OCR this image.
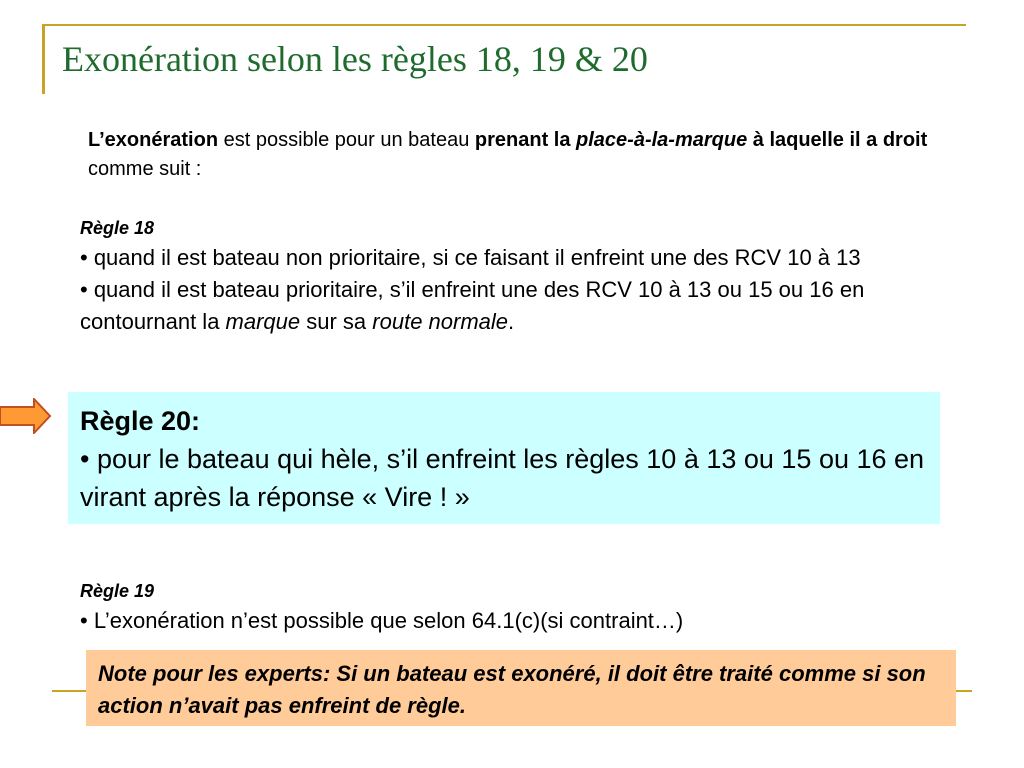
Exonération selon les règles 18, 19 & 20
L’exonération est possible pour un bateau prenant la place-à-la-marque à laquelle il a droit comme suit :
Règle 18
• quand il est bateau non prioritaire, si ce faisant il enfreint une des RCV 10 à 13
• quand il est bateau prioritaire, s’il enfreint une des RCV 10 à 13 ou 15 ou 16 en contournant la marque sur sa route normale.
Règle 20:
• pour le bateau qui hèle, s’il enfreint les règles 10 à 13 ou 15 ou 16 en virant après la réponse « Vire ! »
Règle 19
• L’exonération n’est possible que selon 64.1(c)(si contraint…)
Note pour les experts: Si un bateau est exonéré, il doit être traité comme si son action n’avait pas enfreint de règle.
